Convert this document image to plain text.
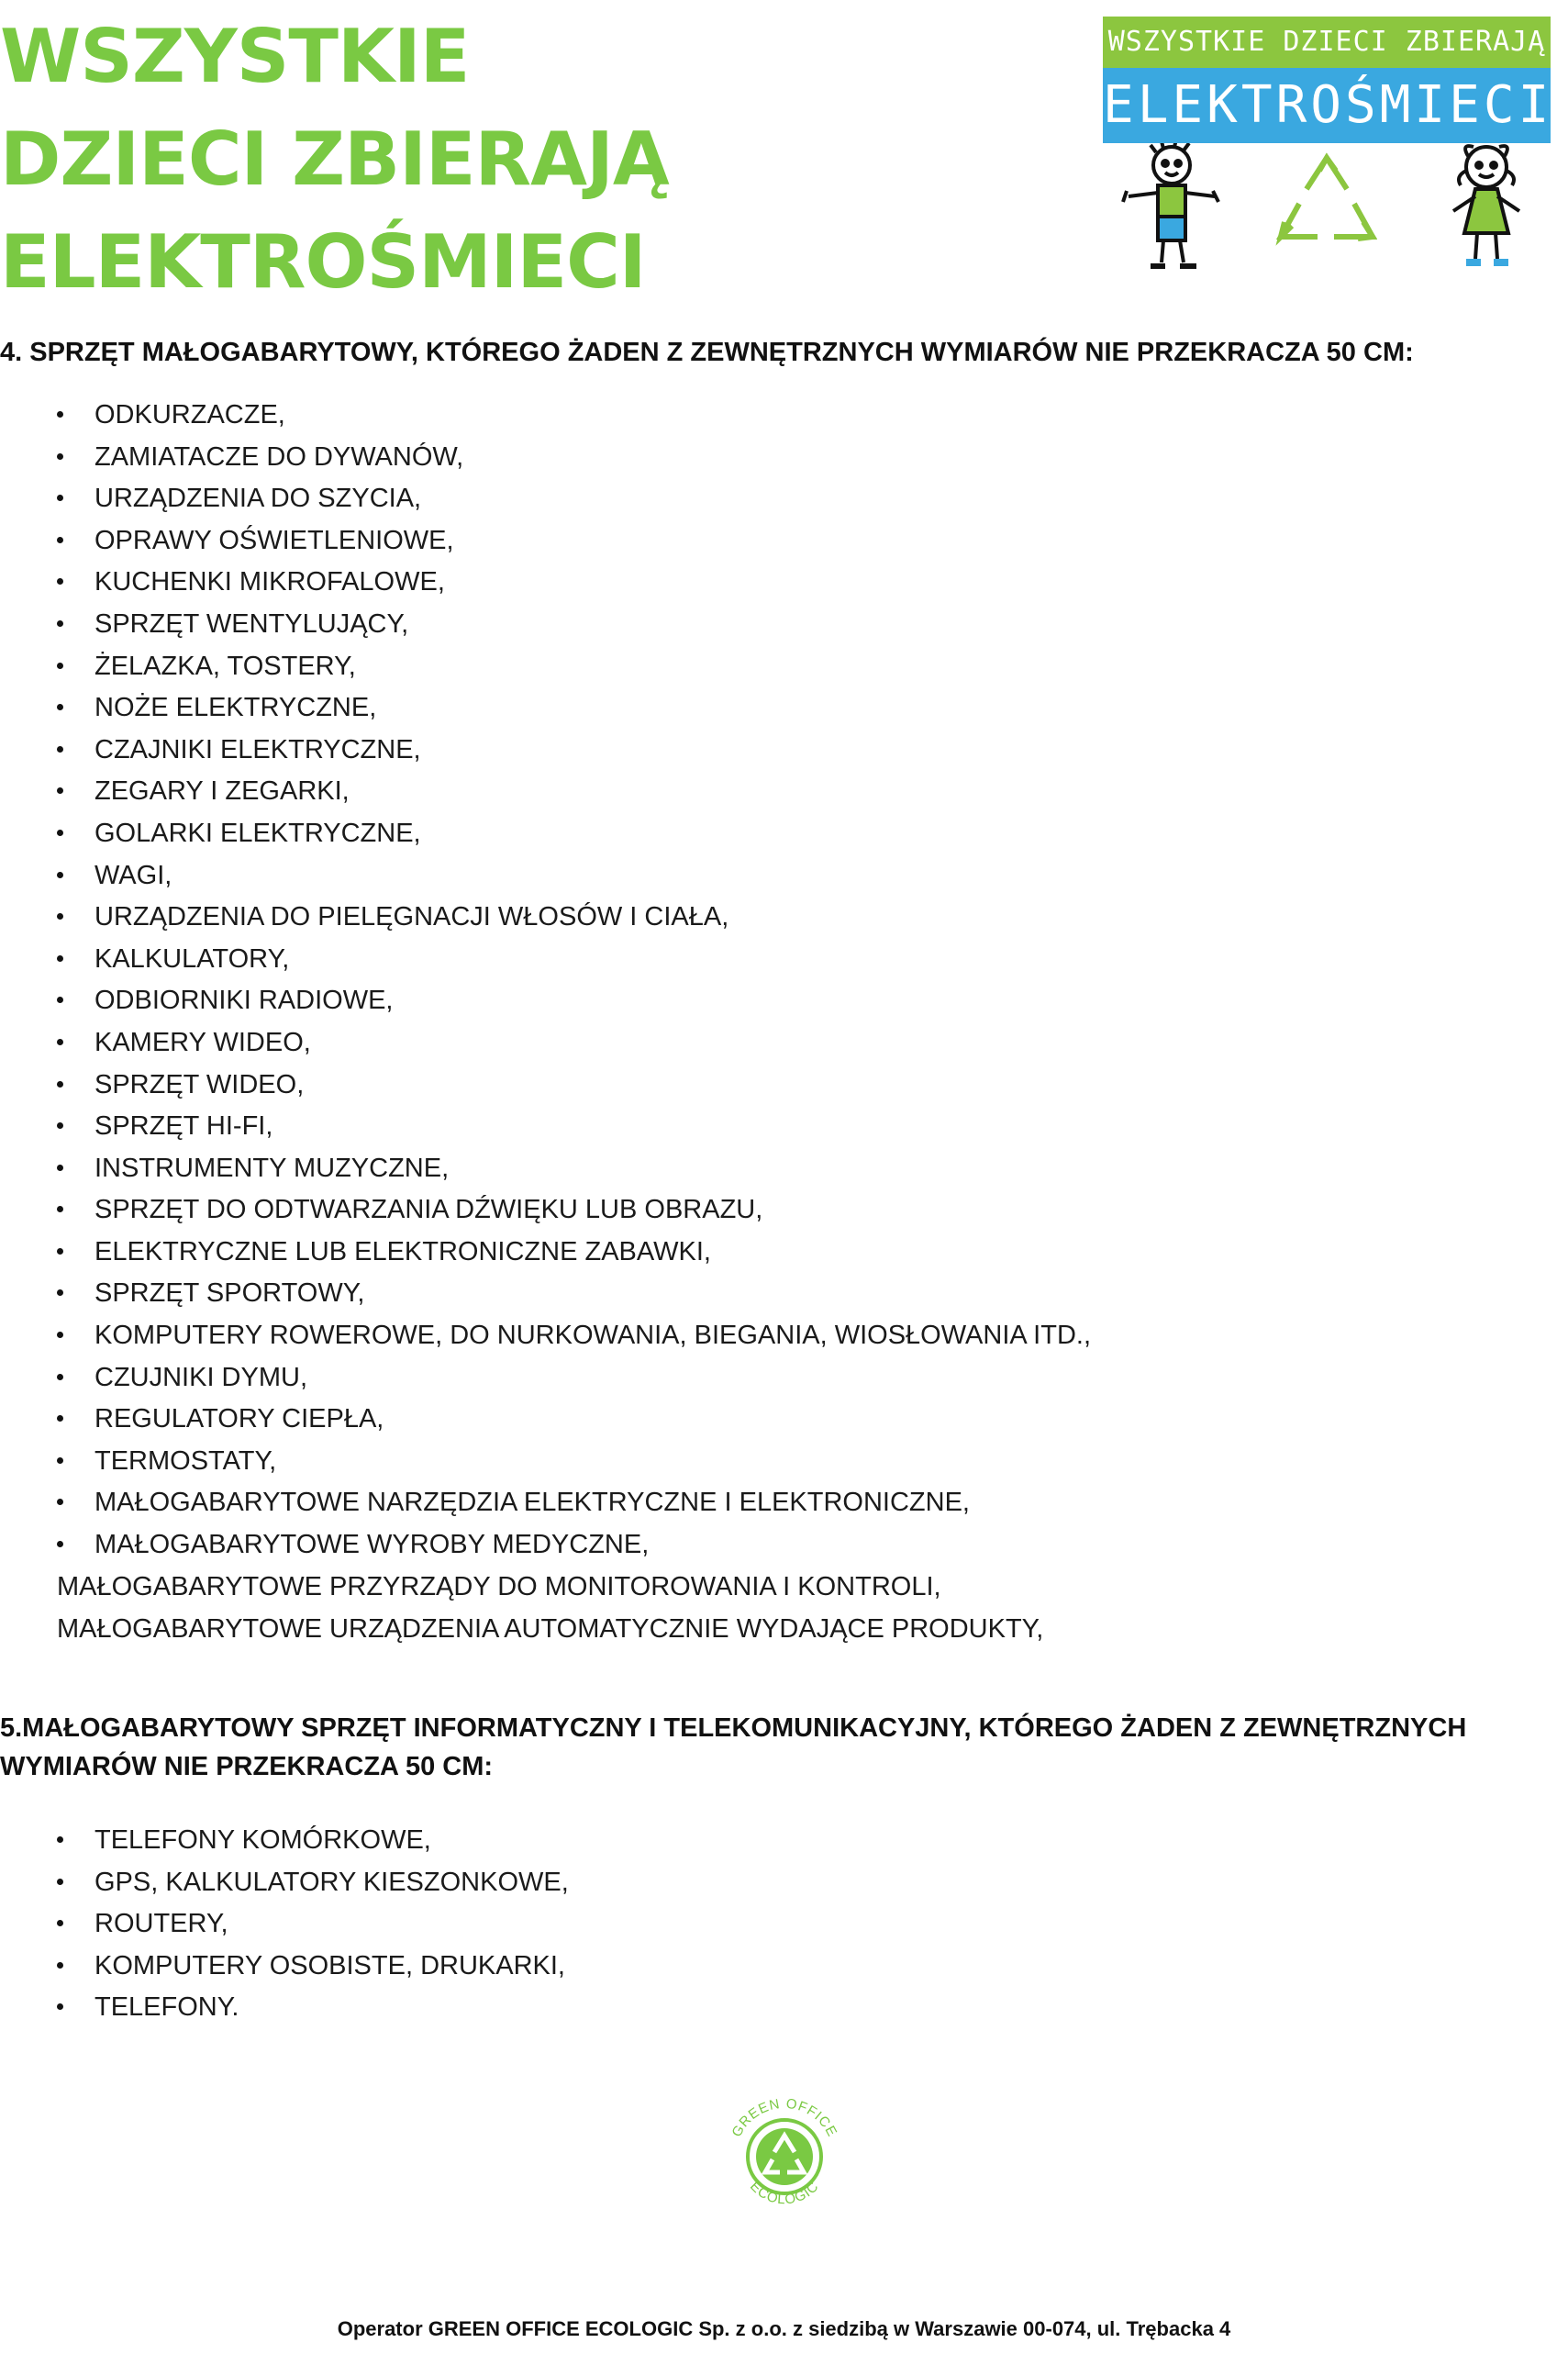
WSZYSTKIE
DZIECI ZBIERAJĄ
ELEKTROŚMIECI
WSZYSTKIE DZIECI ZBIERAJĄ
ELEKTROŚMIECI
4. SPRZĘT MAŁOGABARYTOWY, KTÓREGO ŻADEN Z ZEWNĘTRZNYCH WYMIARÓW NIE PRZEKRACZA 50 CM:
ODKURZACZE,
ZAMIATACZE DO DYWANÓW,
URZĄDZENIA DO SZYCIA,
OPRAWY OŚWIETLENIOWE,
KUCHENKI MIKROFALOWE,
SPRZĘT WENTYLUJĄCY,
ŻELAZKA, TOSTERY,
NOŻE ELEKTRYCZNE,
CZAJNIKI ELEKTRYCZNE,
ZEGARY I ZEGARKI,
GOLARKI ELEKTRYCZNE,
WAGI,
URZĄDZENIA DO PIELĘGNACJI WŁOSÓW I CIAŁA,
KALKULATORY,
ODBIORNIKI RADIOWE,
KAMERY WIDEO,
SPRZĘT WIDEO,
SPRZĘT HI-FI,
INSTRUMENTY MUZYCZNE,
SPRZĘT DO ODTWARZANIA DŹWIĘKU LUB OBRAZU,
ELEKTRYCZNE LUB ELEKTRONICZNE ZABAWKI,
SPRZĘT SPORTOWY,
KOMPUTERY ROWEROWE, DO NURKOWANIA, BIEGANIA, WIOSŁOWANIA ITD.,
CZUJNIKI DYMU,
REGULATORY CIEPŁA,
TERMOSTATY,
MAŁOGABARYTOWE NARZĘDZIA ELEKTRYCZNE I ELEKTRONICZNE,
MAŁOGABARYTOWE WYROBY MEDYCZNE,
MAŁOGABARYTOWE PRZYRZĄDY DO MONITOROWANIA I KONTROLI,
MAŁOGABARYTOWE URZĄDZENIA AUTOMATYCZNIE WYDAJĄCE PRODUKTY,
5.MAŁOGABARYTOWY SPRZĘT INFORMATYCZNY I TELEKOMUNIKACYJNY, KTÓREGO ŻADEN Z ZEWNĘTRZNYCH
WYMIARÓW NIE PRZEKRACZA 50 CM:
TELEFONY KOMÓRKOWE,
GPS, KALKULATORY KIESZONKOWE,
ROUTERY,
KOMPUTERY OSOBISTE, DRUKARKI,
TELEFONY.
GREEN OFFICE
ECOLOGIC
Operator GREEN OFFICE ECOLOGIC Sp. z o.o. z siedzibą w Warszawie 00-074, ul. Trębacka 4
